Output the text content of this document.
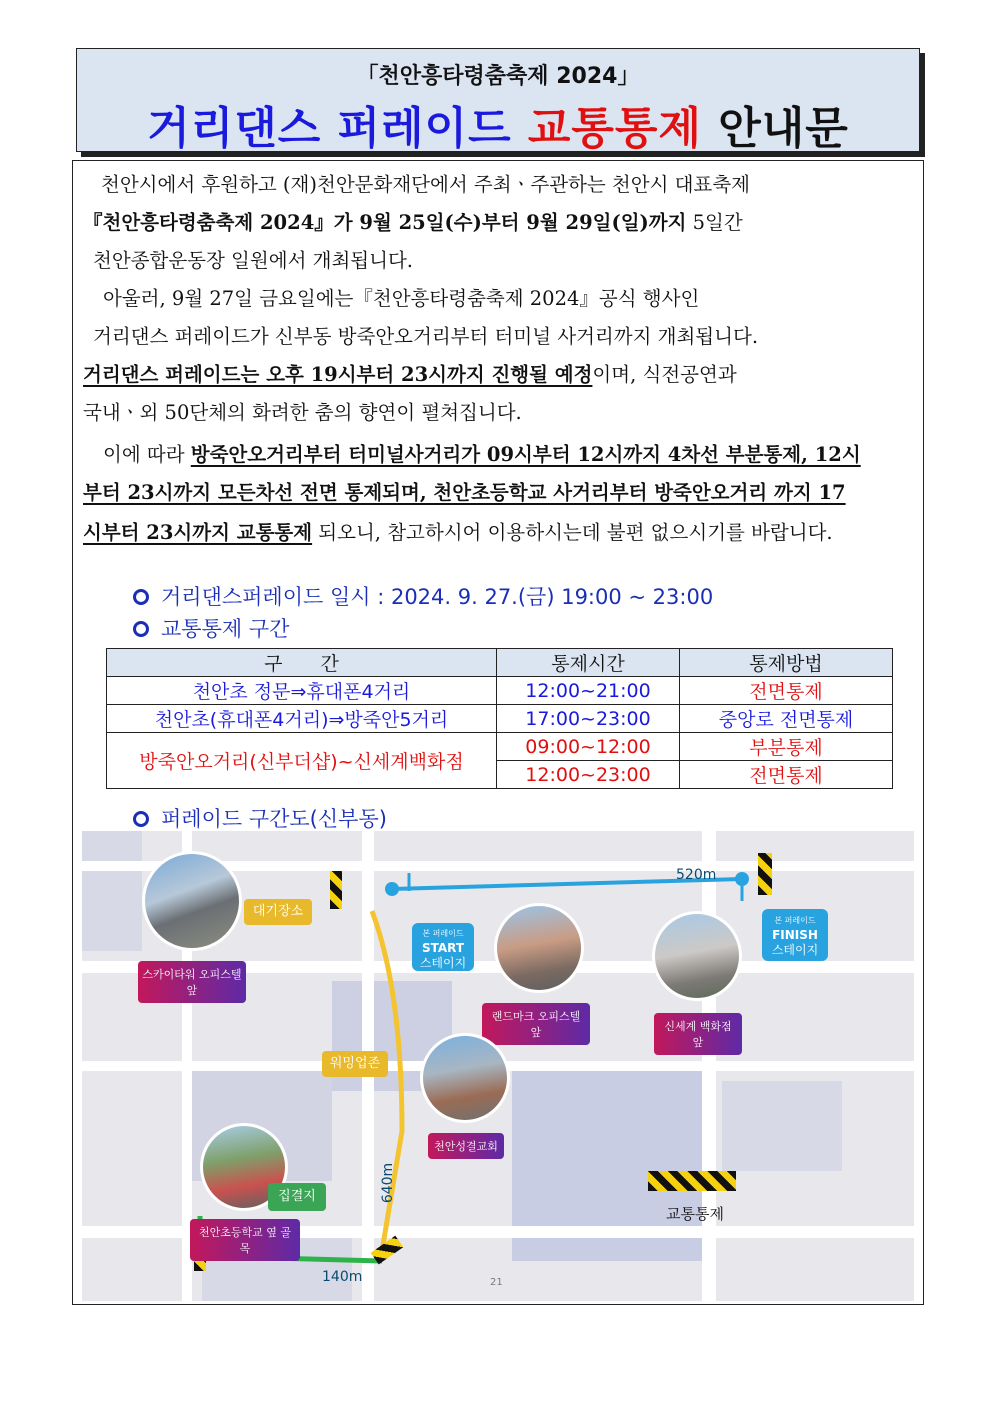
「천안흥타령춤축제 2024」
거리댄스 퍼레이드 교통통제 안내문
천안시에서 후원하고 (재)천안문화재단에서 주최ㆍ주관하는 천안시 대표축제
『천안흥타령춤축제 2024』가 9월 25일(수)부터 9월 29일(일)까지 5일간
천안종합운동장 일원에서 개최됩니다.
아울러, 9월 27일 금요일에는『천안흥타령춤축제 2024』공식 행사인
거리댄스 퍼레이드가 신부동 방죽안오거리부터 터미널 사거리까지 개최됩니다.
거리댄스 퍼레이드는 오후 19시부터 23시까지 진행될 예정이며, 식전공연과
국내ㆍ외 50단체의 화려한 춤의 향연이 펼쳐집니다.
이에 따라 방죽안오거리부터 터미널사거리가 09시부터 12시까지 4차선 부분통제, 12시
부터 23시까지 모든차선 전면 통제되며, 천안초등학교 사거리부터 방죽안오거리 까지 17
시부터 23시까지 교통통제 되오니, 참고하시어 이용하시는데 불편 없으시기를 바랍니다.
거리댄스퍼레이드 일시 : 2024. 9. 27.(금) 19:00 ~ 23:00
교통통제 구간
구　　간	통제시간	통제방법
천안초 정문⇒휴대폰4거리	12:00~21:00	전면통제
천안초(휴대폰4거리)⇒방죽안5거리	17:00~23:00	중앙로 전면통제
방죽안오거리(신부더샵)~신세계백화점	09:00~12:00	부분통제
	12:00~23:00	전면통제
퍼레이드 구간도(신부동)
520m
640m
140m
스카이타워 오피스텔 앞
랜드마크 오피스텔 앞	신세계 백화점 앞
천안성결교회
천안초등학교 옆 골목
본 퍼레이드
START
스테이지
본 퍼레이드
FINISH
스테이지
대기장소
워밍업존
집결지
교통통제
21
